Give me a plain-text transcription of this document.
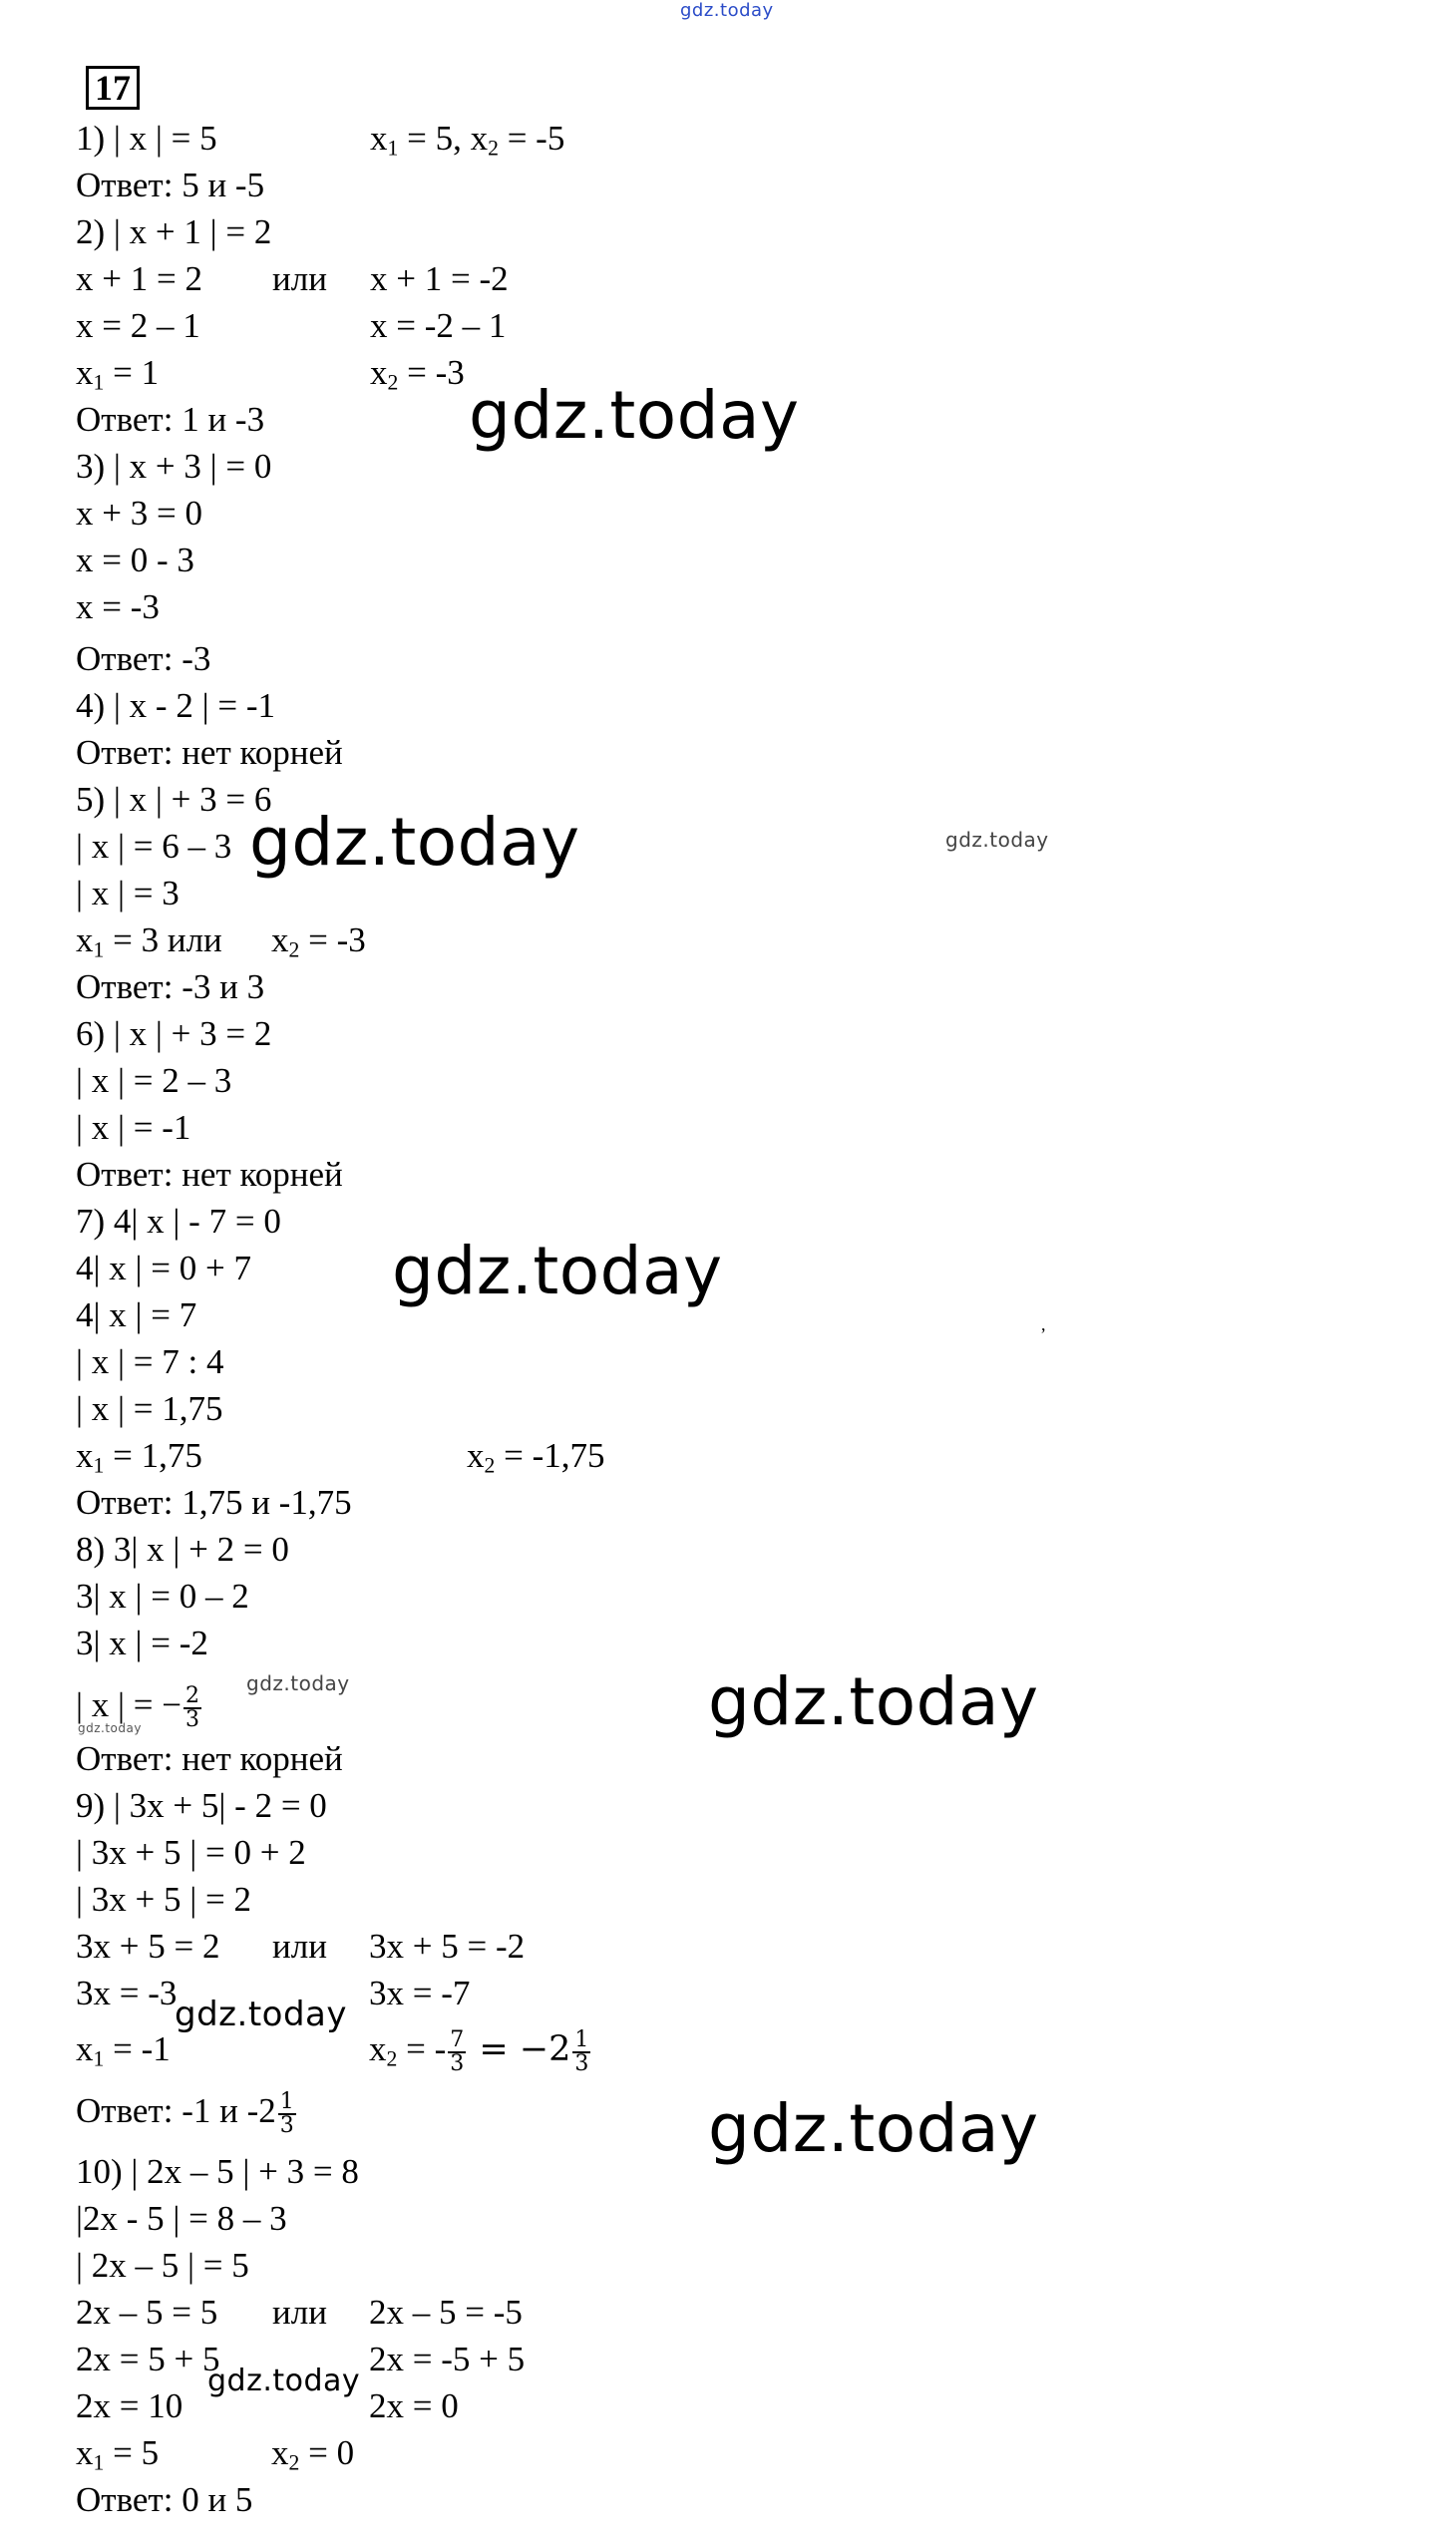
gdz.today
17
1) | x | = 5	$x_1 = 5$, $x_2 = -5$
Ответ: 5 и -5
2) | x + 1 | = 2
x + 1 = 2 или x + 1 = -2
x = 2 – 1	x = -2 – 1
$x_1 = 1$	$x_2 = -3$
Ответ: 1 и -3	gdz.today
3) | x + 3 | = 0
x + 3 = 0
x = 0 - 3
x = -3
Ответ: -3
4) | x - 2 | = -1
Ответ: нет корней
5) | x | + 3 = 6
| x | = 6 – 3 gdz.today	gdz.today
| x | = 3
$x_1 = 3$ или $x_2 = -3$
Ответ: -3 и 3
6) | x | + 3 = 2
| x | = 2 – 3
| x | = -1
Ответ: нет корней
7) 4| x | - 7 = 0
4| x | = 0 + 7 gdz.today
,
4| x | = 7
| x | = 7 : 4
| x | = 1,75
$x_1 = 1,75$	$x_2 = -1,75$
Ответ: 1,75 и -1,75
8) 3| x | + 2 = 0
3| x | = 0 – 2
3| x | = -2
| x | = − $\frac{2}{3}$
gdz.today
gdz.today	gdz.today
Ответ: нет корней
9) | 3x + 5| - 2 = 0
| 3x + 5 | = 0 + 2
| 3x + 5 | = 2
3x + 5 = 2 или 3x + 5 = -2
3x = -3	3x = -7
gdz.today
$x_1 = -1$	$x_2$ = - $\frac{7}{3} = -2 \frac{1}{3}$
Ответ: -1 и $-2 \frac{1}{3}$	gdz.today
10) | 2x – 5 | + 3 = 8
|2x - 5 | = 8 – 3
| 2x – 5 | = 5
2x – 5 = 5 или 2x – 5 = -5
2x = 5 + 5	2x = -5 + 5
2x = 10	2x = 0
gdz.today
$x_1 = 5$	$x_2 = 0$
Ответ: 0 и 5
